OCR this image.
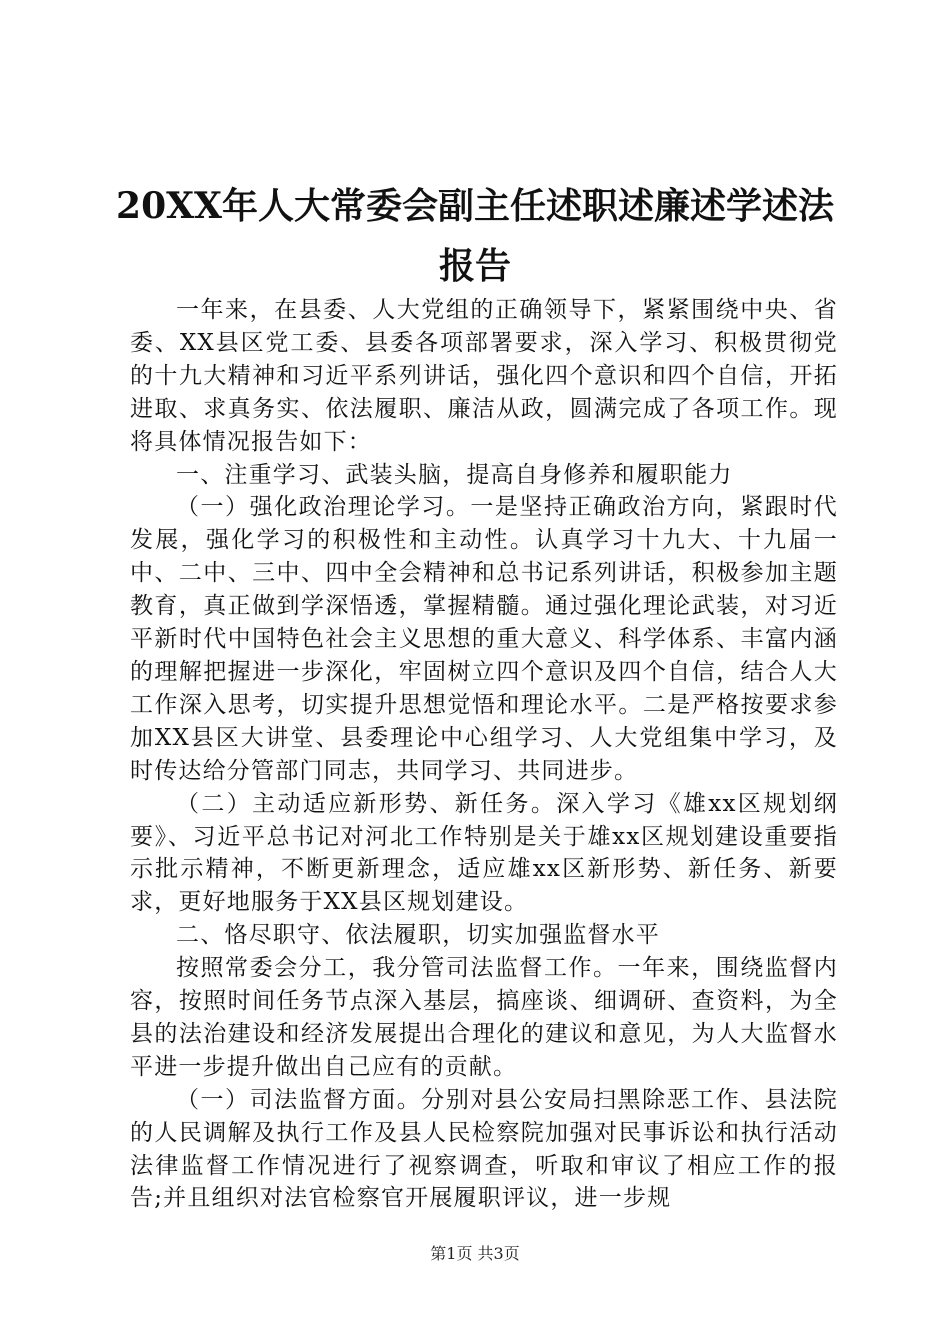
20XX年人大常委会副主任述职述廉述学述法
报告

一年来，在县委、人大党组的正确领导下，紧紧围绕中央、省委、XX县区党工委、县委各项部署要求，深入学习、积极贯彻党的十九大精神和习近平系列讲话，强化四个意识和四个自信，开拓进取、求真务实、依法履职、廉洁从政，圆满完成了各项工作。现将具体情况报告如下：

一、注重学习、武装头脑，提高自身修养和履职能力

（一）强化政治理论学习。一是坚持正确政治方向，紧跟时代发展，强化学习的积极性和主动性。认真学习十九大、十九届一中、二中、三中、四中全会精神和总书记系列讲话，积极参加主题教育，真正做到学深悟透，掌握精髓。通过强化理论武装，对习近平新时代中国特色社会主义思想的重大意义、科学体系、丰富内涵的理解把握进一步深化，牢固树立四个意识及四个自信，结合人大工作深入思考，切实提升思想觉悟和理论水平。二是严格按要求参加XX县区大讲堂、县委理论中心组学习、人大党组集中学习，及时传达给分管部门同志，共同学习、共同进步。

（二）主动适应新形势、新任务。深入学习《雄xx区规划纲要》、习近平总书记对河北工作特别是关于雄xx区规划建设重要指示批示精神，不断更新理念，适应雄xx区新形势、新任务、新要求，更好地服务于XX县区规划建设。

二、恪尽职守、依法履职，切实加强监督水平

按照常委会分工，我分管司法监督工作。一年来，围绕监督内容，按照时间任务节点深入基层，搞座谈、细调研、查资料，为全县的法治建设和经济发展提出合理化的建议和意见，为人大监督水平进一步提升做出自己应有的贡献。

（一）司法监督方面。分别对县公安局扫黑除恶工作、县法院的人民调解及执行工作及县人民检察院加强对民事诉讼和执行活动法律监督工作情况进行了视察调查，听取和审议了相应工作的报告;并且组织对法官检察官开展履职评议，进一步规

第1页 共3页
